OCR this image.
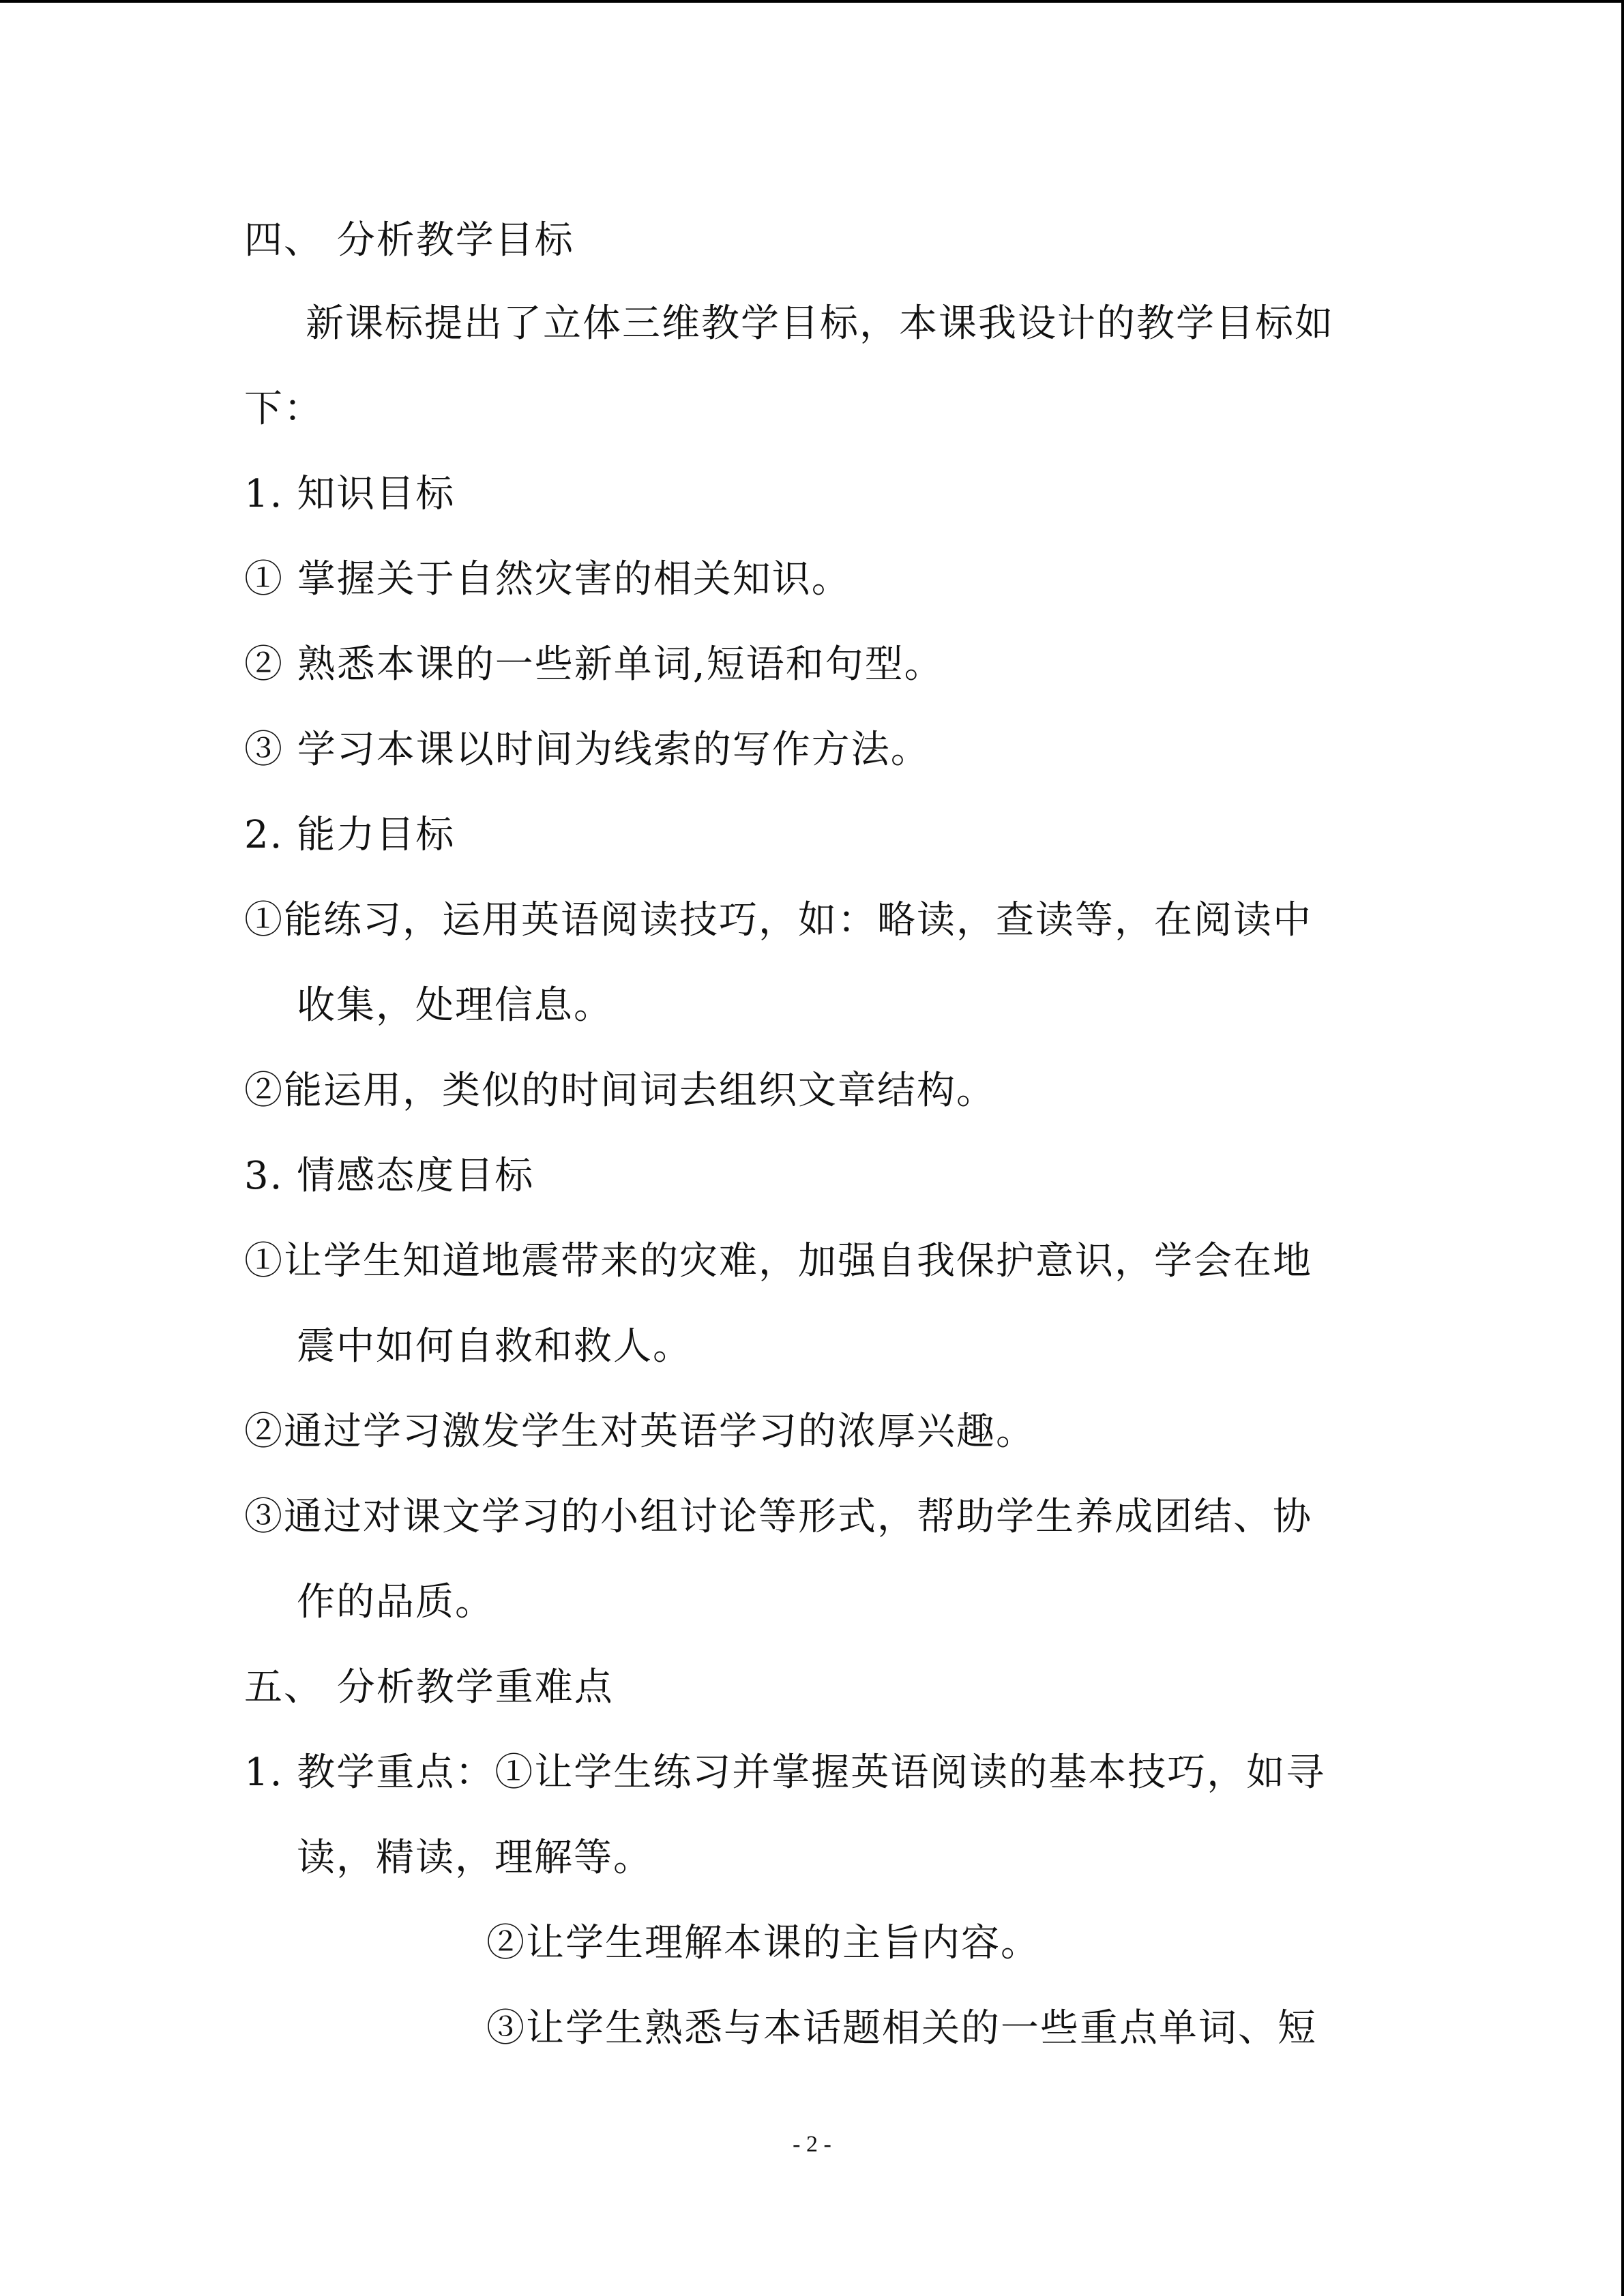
四、 分析教学目标

新课标提出了立体三维教学目标，本课我设计的教学目标如

下：

1. 知识目标

① 掌握关于自然灾害的相关知识。

② 熟悉本课的一些新单词,短语和句型。

③ 学习本课以时间为线索的写作方法。

2. 能力目标

①能练习，运用英语阅读技巧，如：略读，查读等，在阅读中

收集，处理信息。

②能运用，类似的时间词去组织文章结构。

3. 情感态度目标

①让学生知道地震带来的灾难，加强自我保护意识，学会在地

震中如何自救和救人。

②通过学习激发学生对英语学习的浓厚兴趣。

③通过对课文学习的小组讨论等形式，帮助学生养成团结、协

作的品质。

五、 分析教学重难点

1. 教学重点：①让学生练习并掌握英语阅读的基本技巧，如寻

读，精读，理解等。

②让学生理解本课的主旨内容。

③让学生熟悉与本话题相关的一些重点单词、短

- 2 -
